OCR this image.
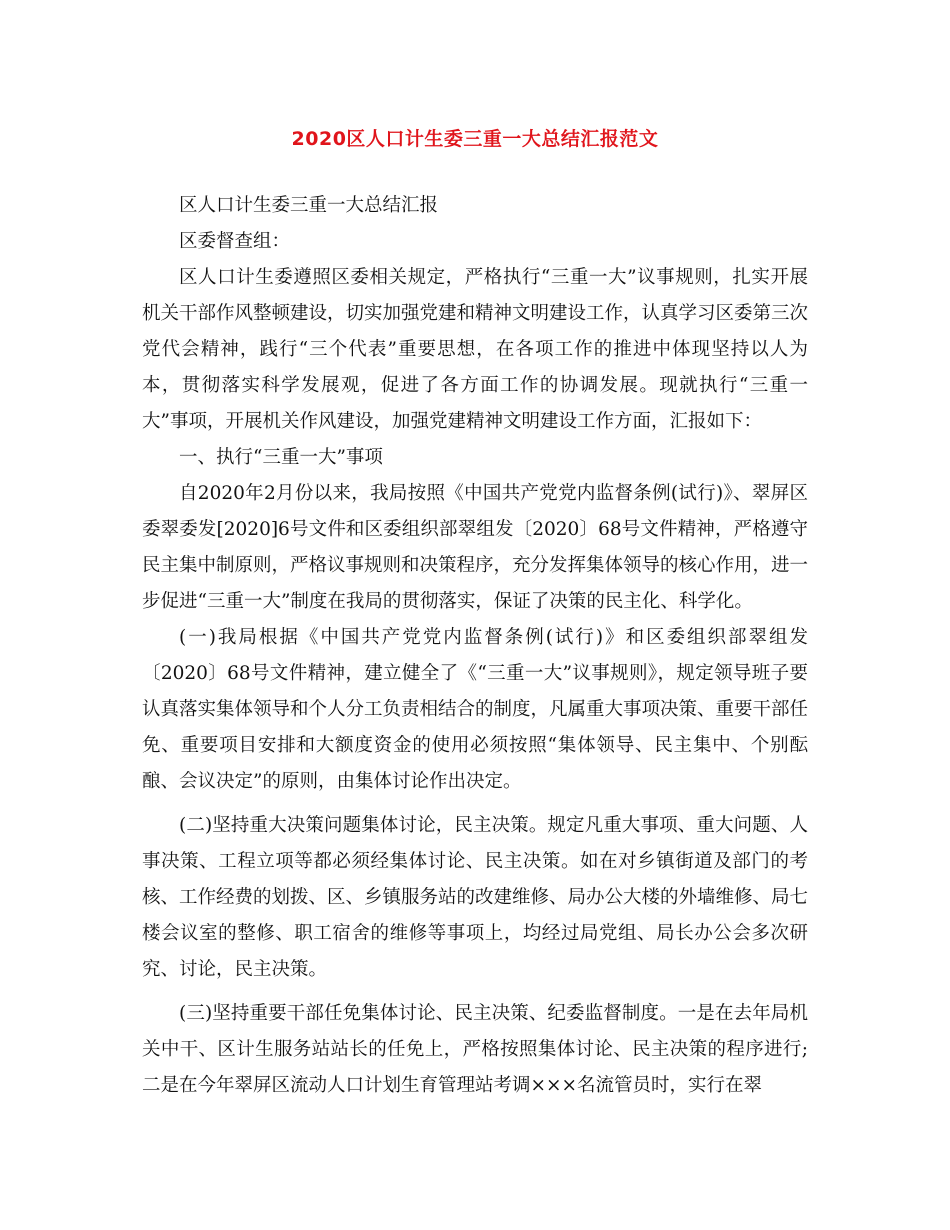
2020区人口计生委三重一大总结汇报范文

区人口计生委三重一大总结汇报

区委督查组：

区人口计生委遵照区委相关规定，严格执行“三重一大”议事规则，扎实开展机关干部作风整顿建设，切实加强党建和精神文明建设工作，认真学习区委第三次党代会精神，践行“三个代表”重要思想，在各项工作的推进中体现坚持以人为本，贯彻落实科学发展观，促进了各方面工作的协调发展。现就执行“三重一大”事项，开展机关作风建设，加强党建精神文明建设工作方面，汇报如下：

一、执行“三重一大”事项

自2020年2月份以来，我局按照《中国共产党党内监督条例(试行)》、翠屏区委翠委发[2020]6号文件和区委组织部翠组发〔2020〕68号文件精神，严格遵守民主集中制原则，严格议事规则和决策程序，充分发挥集体领导的核心作用，进一步促进“三重一大”制度在我局的贯彻落实，保证了决策的民主化、科学化。

(一)我局根据《中国共产党党内监督条例(试行)》和区委组织部翠组发〔2020〕68号文件精神，建立健全了《“三重一大”议事规则》，规定领导班子要认真落实集体领导和个人分工负责相结合的制度，凡属重大事项决策、重要干部任免、重要项目安排和大额度资金的使用必须按照“集体领导、民主集中、个别酝酿、会议决定”的原则，由集体讨论作出决定。

(二)坚持重大决策问题集体讨论，民主决策。规定凡重大事项、重大问题、人事决策、工程立项等都必须经集体讨论、民主决策。如在对乡镇街道及部门的考核、工作经费的划拨、区、乡镇服务站的改建维修、局办公大楼的外墙维修、局七楼会议室的整修、职工宿舍的维修等事项上，均经过局党组、局长办公会多次研究、讨论，民主决策。

(三)坚持重要干部任免集体讨论、民主决策、纪委监督制度。一是在去年局机关中干、区计生服务站站长的任免上，严格按照集体讨论、民主决策的程序进行;二是在今年翠屏区流动人口计划生育管理站考调×××名流管员时，实行在翠
